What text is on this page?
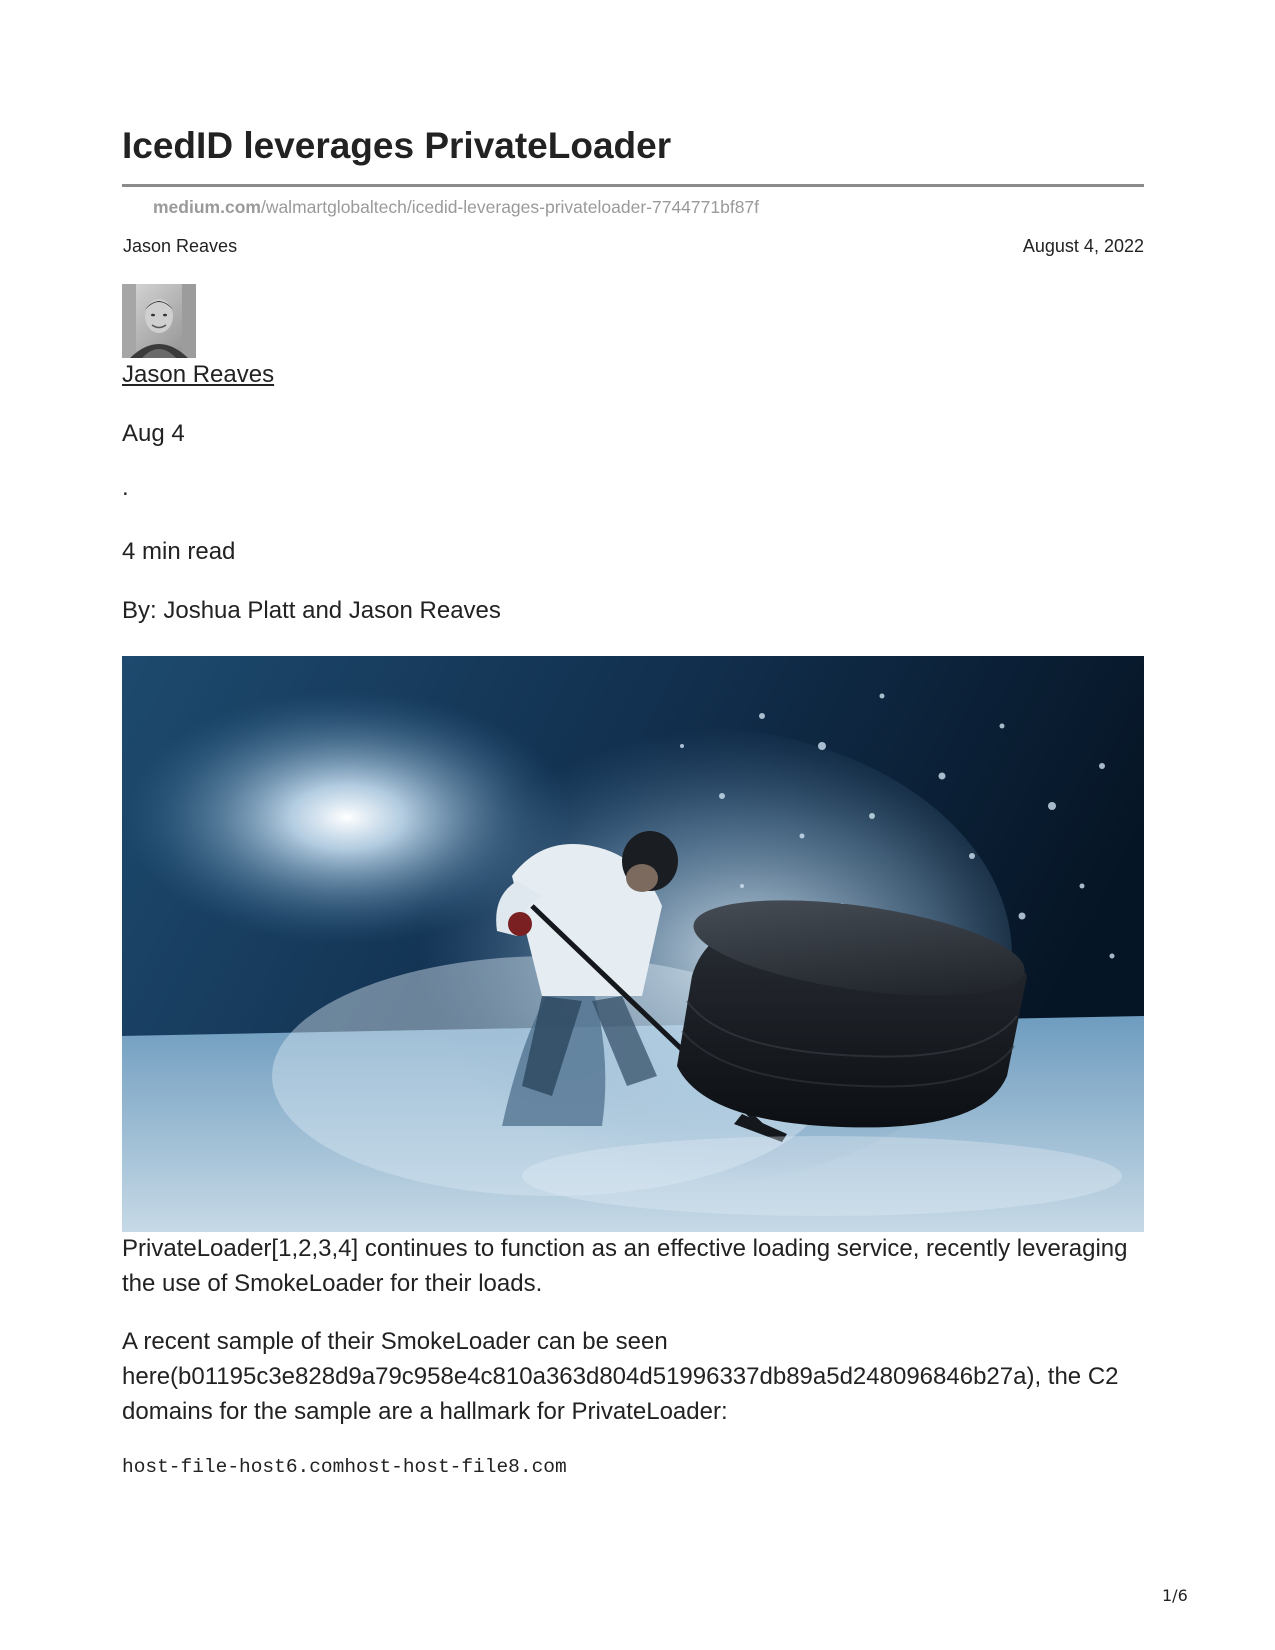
IcedID leverages PrivateLoader
medium.com/walmartglobaltech/icedid-leverages-privateloader-7744771bf87f
Jason Reaves	August 4, 2022
Jason Reaves

Aug 4

.

4 min read

By: Joshua Platt and Jason Reaves

PrivateLoader[1,2,3,4] continues to function as an effective loading service, recently leveraging the use of SmokeLoader for their loads.

A recent sample of their SmokeLoader can be seen here(b01195c3e828d9a79c958e4c810a363d804d51996337db89a5d248096846b27a), the C2 domains for the sample are a hallmark for PrivateLoader:

host-file-host6.comhost-host-file8.com
1/6
